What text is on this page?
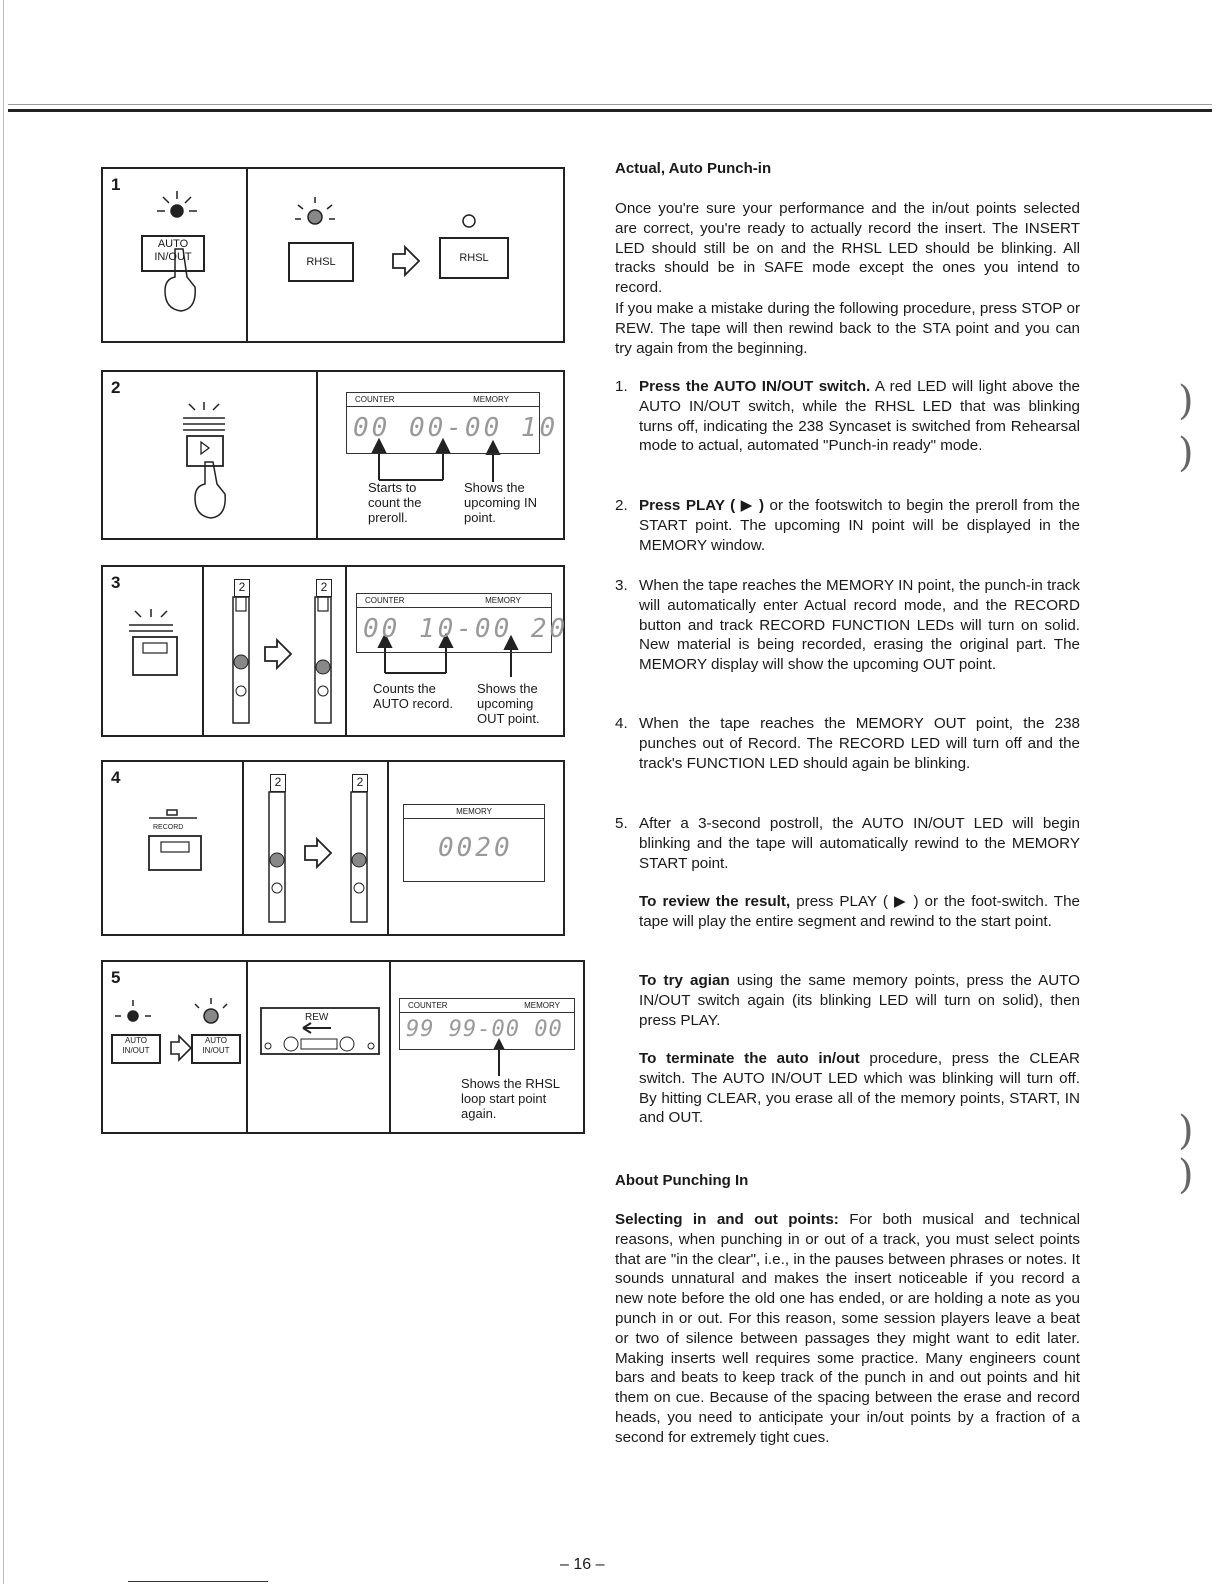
1
AUTO IN/OUT	RHSL	RHSL
2
COUNTER	MEMORY
00 00-00 10
Starts to count the preroll.
Shows the upcoming IN point.
3	2	2
COUNTER	MEMORY
00 10-00 20
Counts the AUTO record.
Shows the upcoming OUT point.
4
RECORD
2	2
MEMORY
0020
5
AUTO IN/OUT
AUTO IN/OUT
REW
COUNTER	MEMORY
99 99-00 00
Shows the RHSL loop start point again.
Actual, Auto Punch-in

Once you're sure your performance and the in/out points selected are correct, you're ready to actually record the insert. The INSERT LED should still be on and the RHSL LED should be blinking. All tracks should be in SAFE mode except the ones you intend to record.

If you make a mistake during the following procedure, press STOP or REW. The tape will then rewind back to the STA point and you can try again from the beginning.

1. Press the AUTO IN/OUT switch. A red LED will light above the AUTO IN/OUT switch, while the RHSL LED that was blinking turns off, indicating the 238 Syncaset is switched from Rehearsal mode to actual, automated "Punch-in ready" mode.
2. Press PLAY ( ▶ ) or the footswitch to begin the preroll from the START point. The upcoming IN point will be displayed in the MEMORY window.
3. When the tape reaches the MEMORY IN point, the punch-in track will automatically enter Actual record mode, and the RECORD button and track RECORD FUNCTION LEDs will turn on solid. New material is being recorded, erasing the original part. The MEMORY display will show the upcoming OUT point.
4. When the tape reaches the MEMORY OUT point, the 238 punches out of Record. The RECORD LED will turn off and the track's FUNCTION LED should again be blinking.
5. After a 3-second postroll, the AUTO IN/OUT LED will begin blinking and the tape will automatically rewind to the MEMORY START point.
To review the result, press PLAY ( ▶ ) or the foot-switch. The tape will play the entire segment and rewind to the start point.
To try agian using the same memory points, press the AUTO IN/OUT switch again (its blinking LED will turn on solid), then press PLAY.
To terminate the auto in/out procedure, press the CLEAR switch. The AUTO IN/OUT LED which was blinking will turn off. By hitting CLEAR, you erase all of the memory points, START, IN and OUT.
About Punching In

Selecting in and out points: For both musical and technical reasons, when punching in or out of a track, you must select points that are "in the clear", i.e., in the pauses between phrases or notes. It sounds unnatural and makes the insert noticeable if you record a new note before the old one has ended, or are holding a note as you punch in or out. For this reason, some session players leave a beat or two of silence between passages they might want to edit later. Making inserts well requires some practice. Many engineers count bars and beats to keep track of the punch in and out points and hit them on cue. Because of the spacing between the erase and record heads, you need to anticipate your in/out points by a fraction of a second for extremely tight cues.

)
)
)
)
– 16 –
